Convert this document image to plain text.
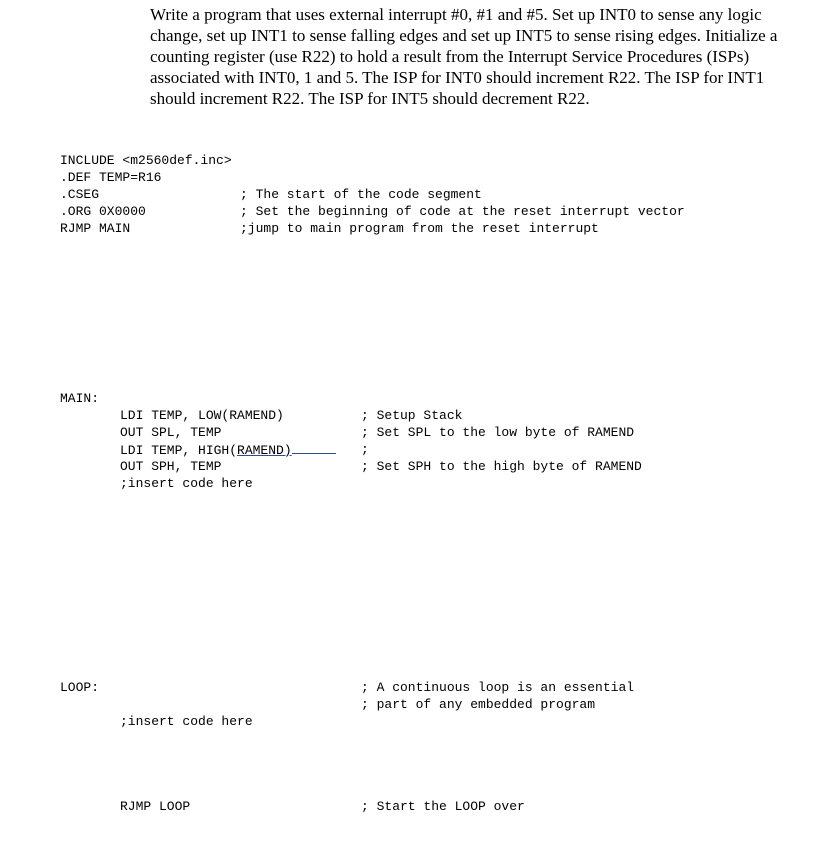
Write a program that uses external interrupt #0, #1 and #5. Set up INT0 to sense any logic change, set up INT1 to sense falling edges and set up INT5 to sense rising edges. Initialize a counting register (use R22) to hold a result from the Interrupt Service Procedures (ISPs) associated with INT0, 1 and 5. The ISP for INT0 should increment R22. The ISP for INT1 should increment R22. The ISP for INT5 should decrement R22.

INCLUDE <m2560def.inc>
.DEF TEMP=R16
.CSEG	; The start of the code segment
.ORG 0X0000	; Set the beginning of code at the reset interrupt vector
RJMP MAIN	;jump to main program from the reset interrupt
MAIN:
LDI TEMP, LOW(RAMEND)	; Setup Stack
OUT SPL, TEMP	; Set SPL to the low byte of RAMEND
LDI TEMP, HIGH(RAMEND)	;
OUT SPH, TEMP	; Set SPH to the high byte of RAMEND
;insert code here
LOOP:	; A continuous loop is an essential
; part of any embedded program
;insert code here
RJMP LOOP	; Start the LOOP over
